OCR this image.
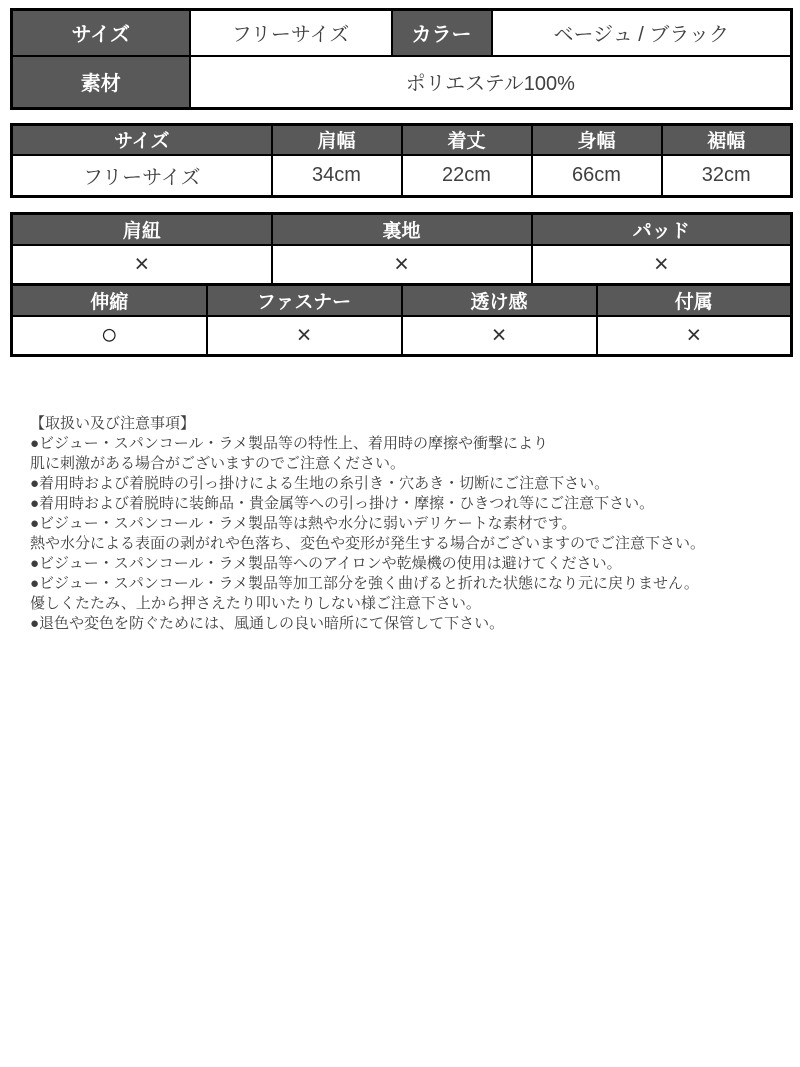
サイズ	フリーサイズ	カラー	ベージュ / ブラック
素材	ポリエステル100%		
サイズ	肩幅	着丈	身幅	裾幅
フリーサイズ	34cm	22cm	66cm	32cm
肩紐	裏地	パッド
×	×	×
伸縮	ファスナー	透け感	付属
○	×	×	×
【取扱い及び注意事項】
●ビジュー・スパンコール・ラメ製品等の特性上、着用時の摩擦や衝撃により
肌に刺激がある場合がございますのでご注意ください。
●着用時および着脱時の引っ掛けによる生地の糸引き・穴あき・切断にご注意下さい。
●着用時および着脱時に装飾品・貴金属等への引っ掛け・摩擦・ひきつれ等にご注意下さい。
●ビジュー・スパンコール・ラメ製品等は熱や水分に弱いデリケートな素材です。
熱や水分による表面の剥がれや色落ち、変色や変形が発生する場合がございますのでご注意下さい。
●ビジュー・スパンコール・ラメ製品等へのアイロンや乾燥機の使用は避けてください。
●ビジュー・スパンコール・ラメ製品等加工部分を強く曲げると折れた状態になり元に戻りません。
優しくたたみ、上から押さえたり叩いたりしない様ご注意下さい。
●退色や変色を防ぐためには、風通しの良い暗所にて保管して下さい。
